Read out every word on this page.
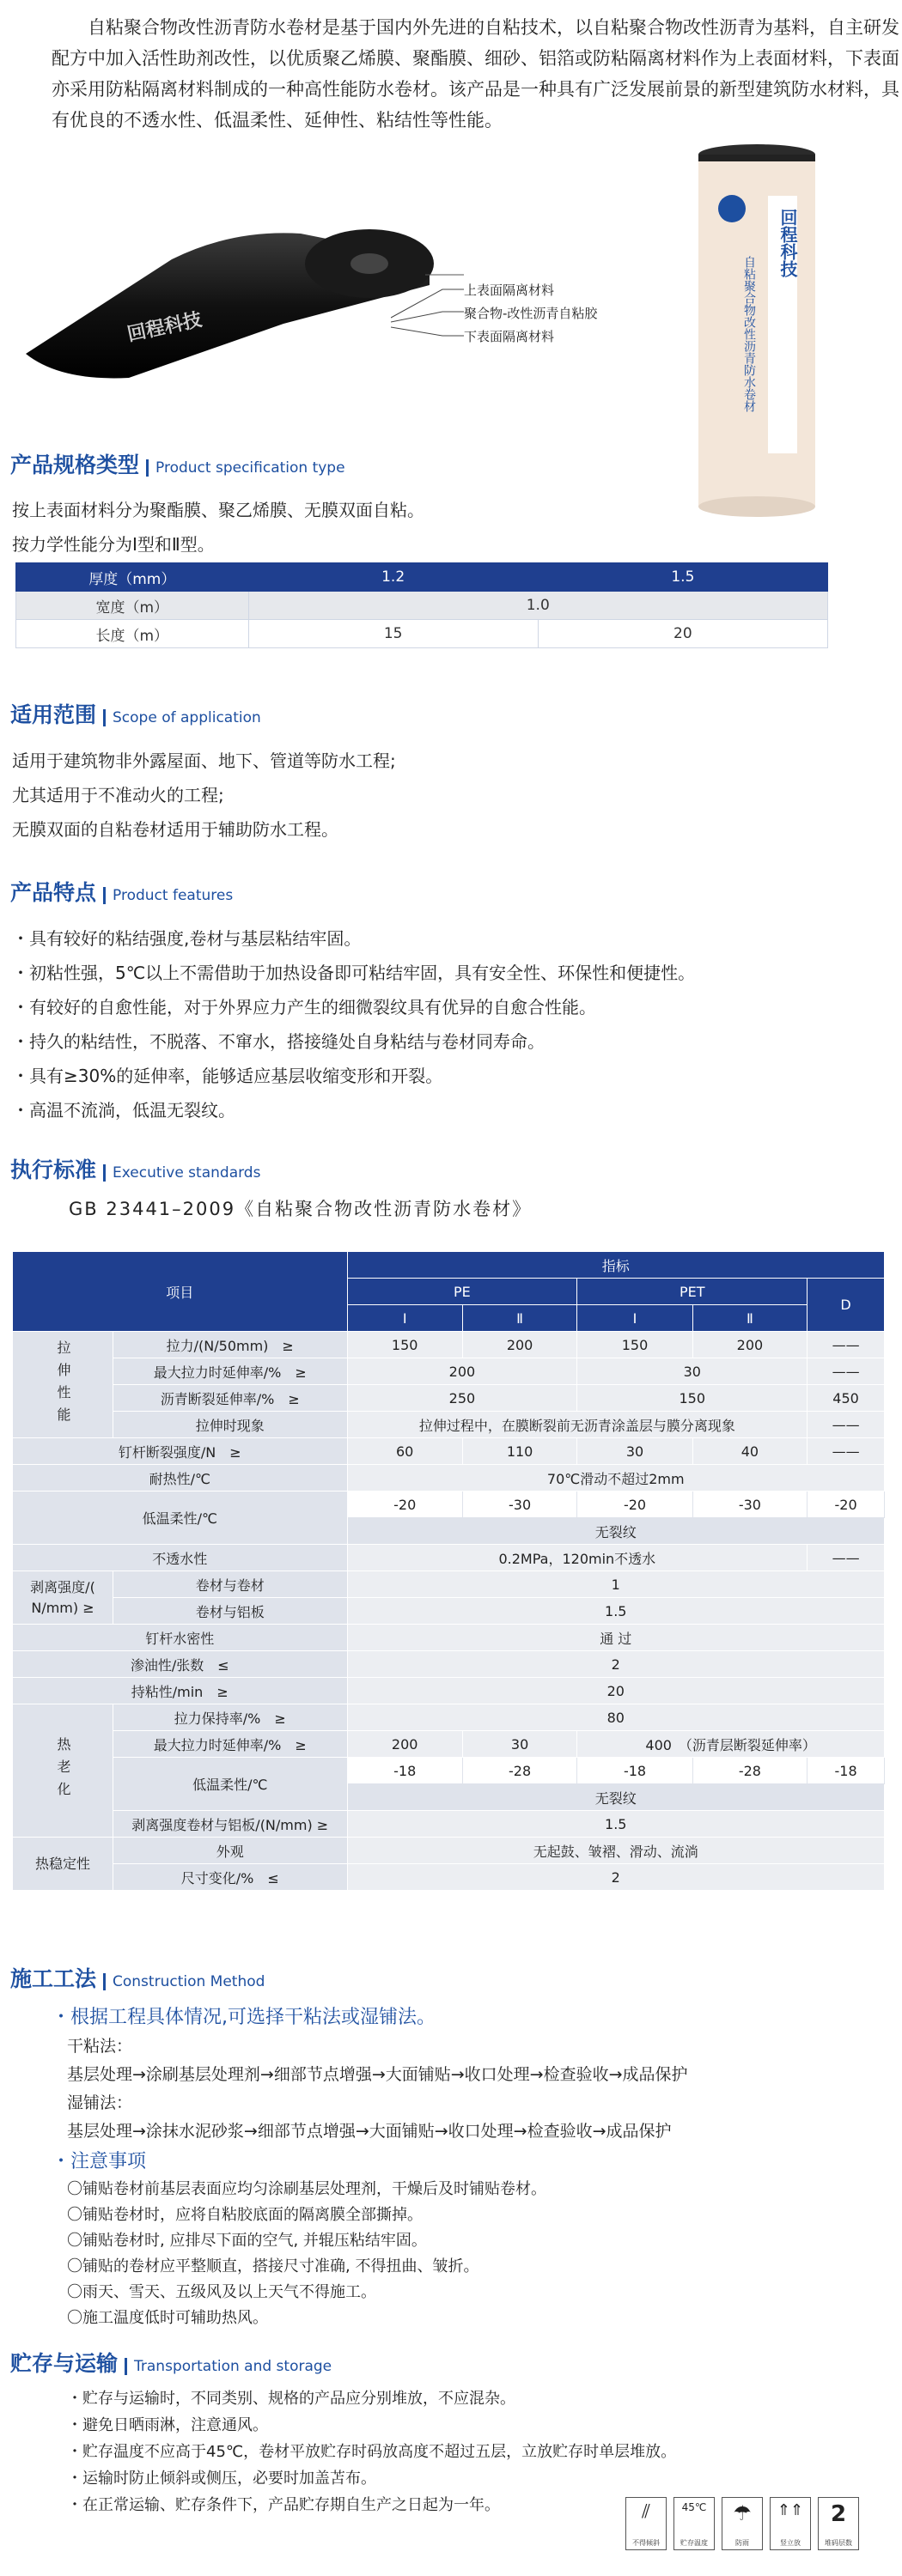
自粘聚合物改性沥青防水卷材是基于国内外先进的自粘技术，以自粘聚合物改性沥青为基料，自主研发配方中加入活性助剂改性，以优质聚乙烯膜、聚酯膜、细砂、铝箔或防粘隔离材料作为上表面材料，下表面亦采用防粘隔离材料制成的一种高性能防水卷材。该产品是一种具有广泛发展前景的新型建筑防水材料，具有优良的不透水性、低温柔性、延伸性、粘结性等性能。
回程科技
上表面隔离材料
聚合物-改性沥青自粘胶
下表面隔离材料
回程科技
自粘聚合物改性沥青防水卷材
产品规格类型 Product specification type
按上表面材料分为聚酯膜、聚乙烯膜、无膜双面自粘。
按力学性能分为Ⅰ型和Ⅱ型。
厚度（mm）	1.2	1.5
宽度（m）	1.0	
长度（m）	15	20
适用范围 Scope of application
适用于建筑物非外露屋面、地下、管道等防水工程;
尤其适用于不准动火的工程;
无膜双面的自粘卷材适用于辅助防水工程。
产品特点 Product features
・具有较好的粘结强度,卷材与基层粘结牢固。
・初粘性强，5℃以上不需借助于加热设备即可粘结牢固，具有安全性、环保性和便捷性。
・有较好的自愈性能，对于外界应力产生的细微裂纹具有优异的自愈合性能。
・持久的粘结性，不脱落、不窜水，搭接缝处自身粘结与卷材同寿命。
・具有≥30%的延伸率，能够适应基层收缩变形和开裂。
・高温不流淌，低温无裂纹。
执行标准 Executive standards
GB 23441–2009《自粘聚合物改性沥青防水卷材》
项目		指标				
		PE		PET		D
		Ⅰ	Ⅱ	Ⅰ	Ⅱ	
拉伸性能	拉力/(N/50mm)　≥	150	200	150	200	——
	最大拉力时延伸率/%　≥	200		30		——
	沥青断裂延伸率/%　≥	250		150		450
	拉伸时现象	拉伸过程中，在膜断裂前无沥青涂盖层与膜分离现象				——
钉杆断裂强度/N　≥		60	110	30	40	——
耐热性/℃		70℃滑动不超过2mm				
低温柔性/℃		-20	-30	-20	-30	-20
		无裂纹				
不透水性		0.2MPa，120min不透水				——
剥离强度/( N/mm) ≥	卷材与卷材	1				
	卷材与铝板	1.5				
钉杆水密性		通 过				
渗油性/张数　≤		2				
持粘性/min　≥		20				
热老化	拉力保持率/%　≥	80				
	最大拉力时延伸率/%　≥	200	30	400　（沥青层断裂延伸率）		
	低温柔性/℃	-18	-28	-18	-28	-18
		无裂纹				
	剥离强度卷材与铝板/(N/mm) ≥	1.5				
热稳定性	外观	无起鼓、皱褶、滑动、流淌				
	尺寸变化/%　≤	2				
施工工法 Construction Method
・根据工程具体情况,可选择干粘法或湿铺法。
干粘法：
基层处理→涂刷基层处理剂→细部节点增强→大面铺贴→收口处理→检查验收→成品保护
湿铺法：
基层处理→涂抹水泥砂浆→细部节点增强→大面铺贴→收口处理→检查验收→成品保护
・注意事项
〇铺贴卷材前基层表面应均匀涂刷基层处理剂，干燥后及时铺贴卷材。
〇铺贴卷材时，应将自粘胶底面的隔离膜全部撕掉。
〇铺贴卷材时, 应排尽下面的空气, 并辊压粘结牢固。
〇铺贴的卷材应平整顺直，搭接尺寸准确, 不得扭曲、皱折。
〇雨天、雪天、五级风及以上天气不得施工。
〇施工温度低时可辅助热风。
贮存与运输 Transportation and storage
・贮存与运输时，不同类别、规格的产品应分别堆放，不应混杂。
・避免日晒雨淋，注意通风。
・贮存温度不应高于45℃，卷材平放贮存时码放高度不超过五层，立放贮存时单层堆放。
・运输时防止倾斜或侧压，必要时加盖苫布。
・在正常运输、贮存条件下，产品贮存期自生产之日起为一年。	⫽
不得倾斜
45℃
贮存温度
☂
防雨
⇑⇑
竖立放
2
堆码层数
